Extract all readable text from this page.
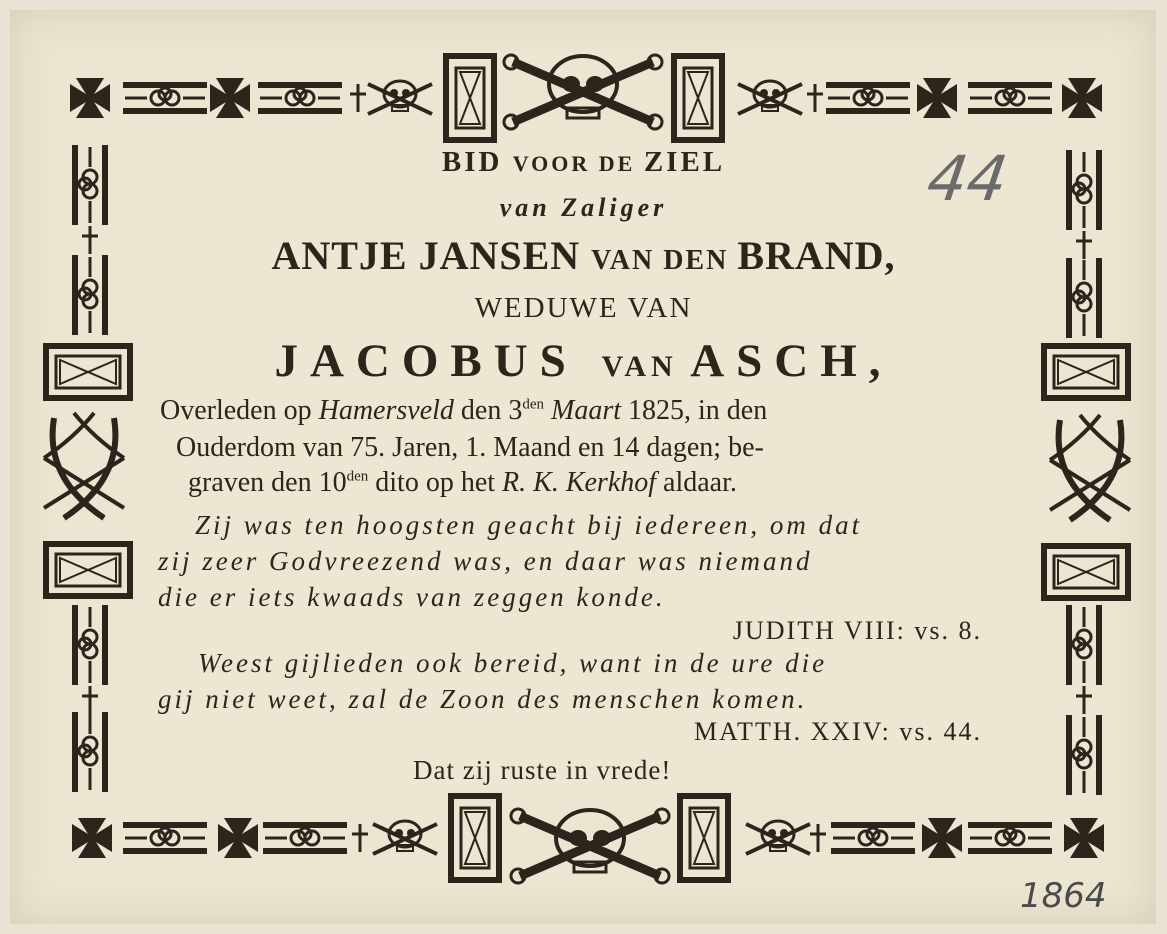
BID VOOR DE ZIEL
van Zaliger
ANTJE JANSEN VAN DEN BRAND,
WEDUWE VAN
JACOBUS VAN ASCH,
Overleden op Hamersveld den $3^{den}$ Maart 1825, in den
Ouderdom van 75. Jaren, 1. Maand en 14 dagen; be-
graven den $10^{den}$ dito op het R. K. Kerkhof aldaar.
Zij was ten hoogsten geacht bij iedereen, om dat
zij zeer Godvreezend was, en daar was niemand
die er iets kwaads van zeggen konde.
JUDITH VIII: vs. 8.
Weest gijlieden ook bereid, want in de ure die
gij niet weet, zal de Zoon des menschen komen.
MATTH. XXIV: vs. 44.
Dat zij ruste in vrede!
44
1864
